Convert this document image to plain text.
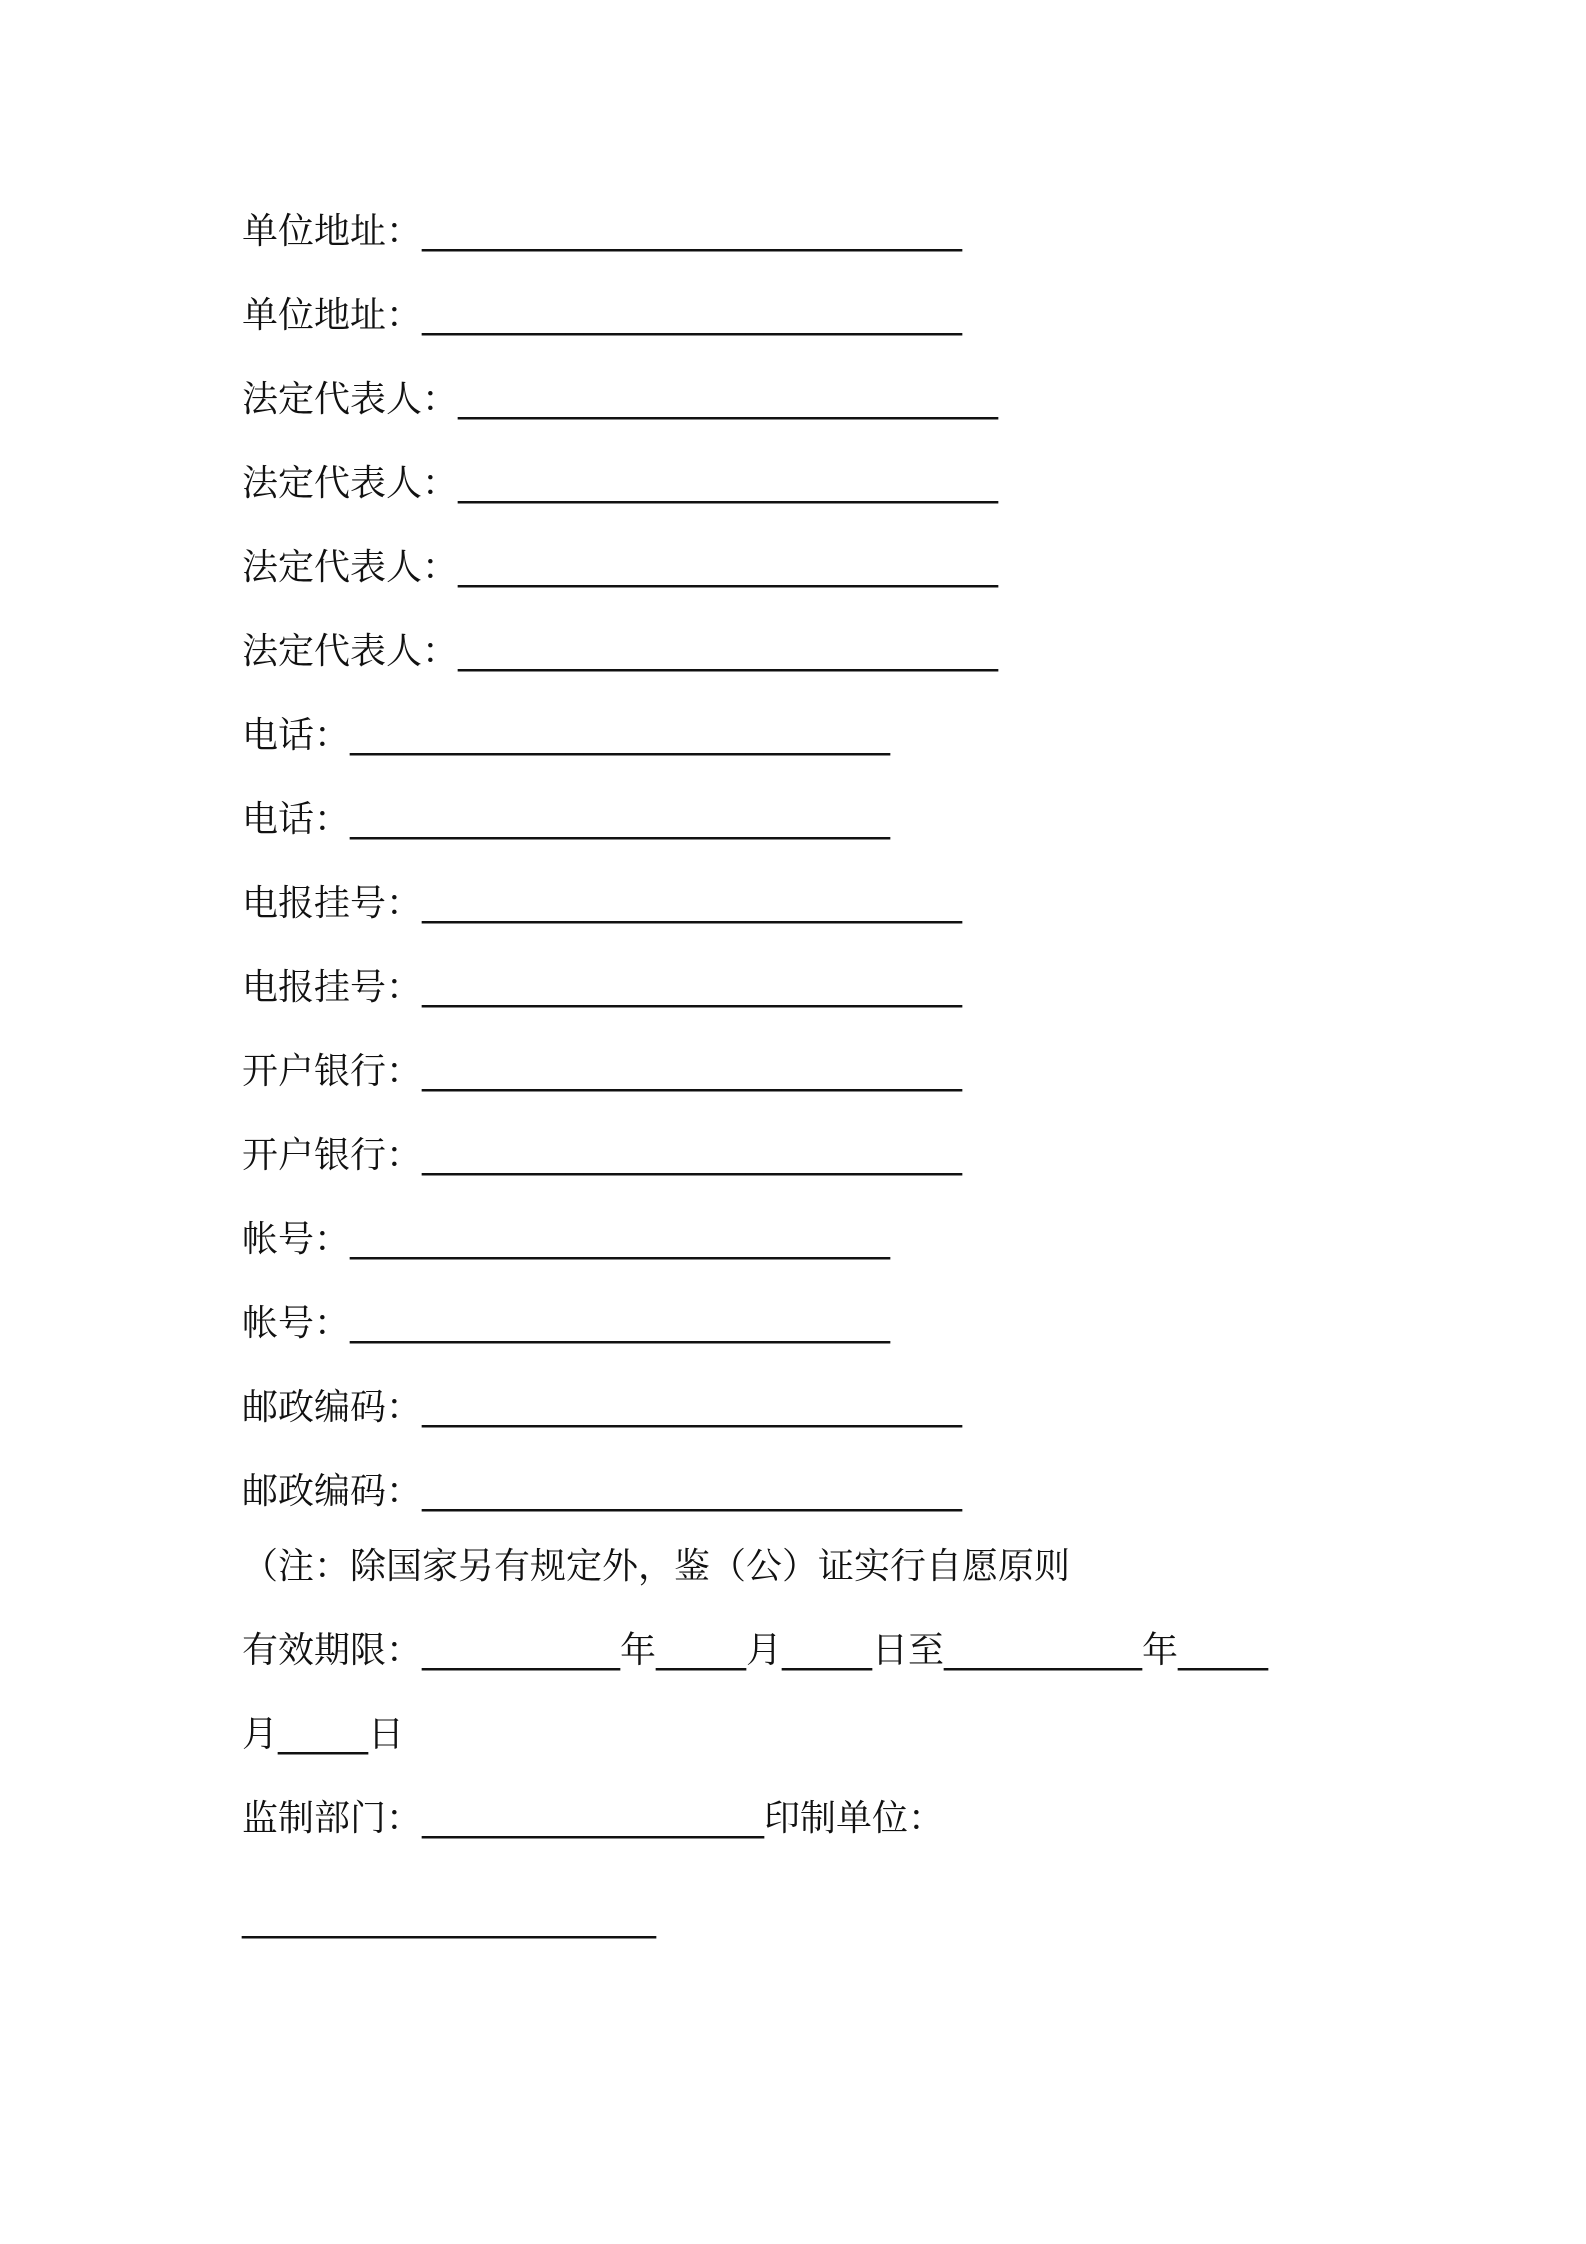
单位地址：______________________________
单位地址：______________________________
法定代表人：______________________________
法定代表人：______________________________
法定代表人：______________________________
法定代表人：______________________________
电话：______________________________
电话：______________________________
电报挂号：______________________________
电报挂号：______________________________
开户银行：______________________________
开户银行：______________________________
帐号：______________________________
帐号：______________________________
邮政编码：______________________________
邮政编码：______________________________
（注：除国家另有规定外，鉴（公）证实行自愿原则
有效期限：___________年_____月_____日至___________年_____
月_____日
监制部门：___________________印制单位：
_______________________
